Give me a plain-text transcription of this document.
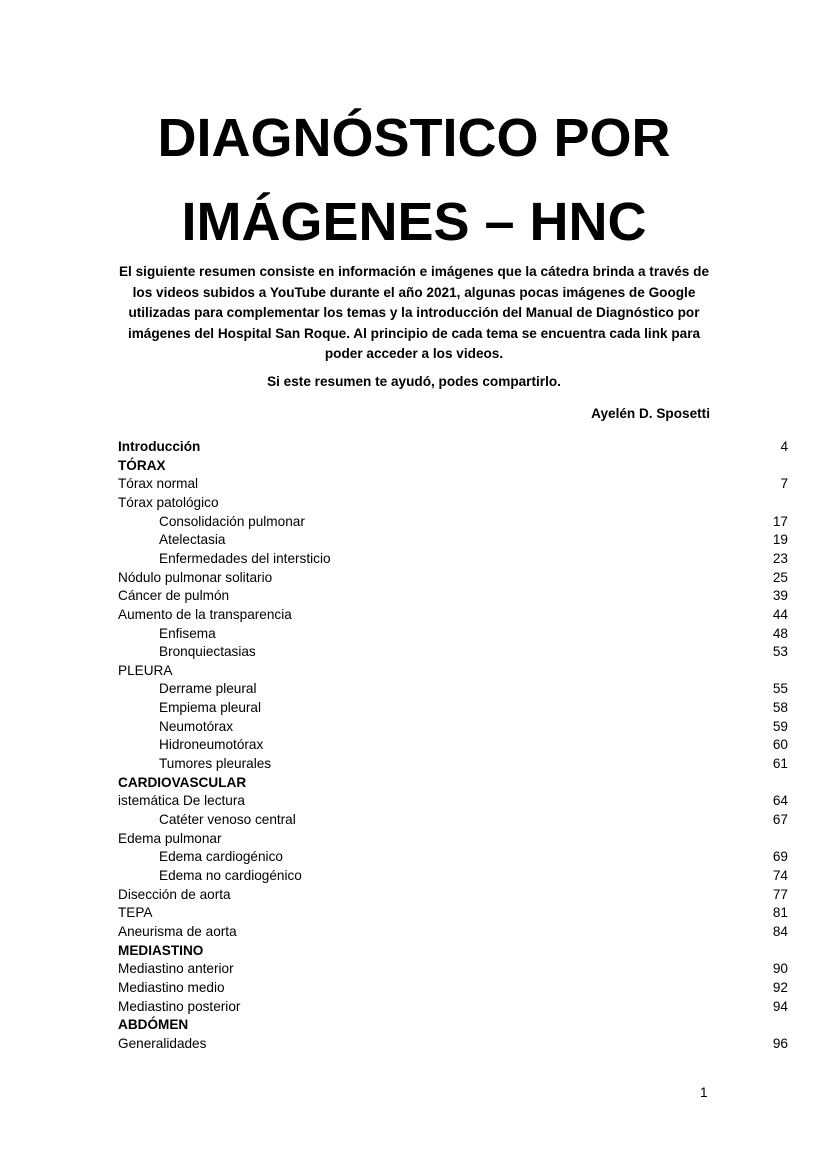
DIAGNÓSTICO POR
IMÁGENES – HNC
El siguiente resumen consiste en información e imágenes que la cátedra brinda a través de los videos subidos a YouTube durante el año 2021, algunas pocas imágenes de Google utilizadas para complementar los temas y la introducción del Manual de Diagnóstico por imágenes del Hospital San Roque. Al principio de cada tema se encuentra cada link para poder acceder a los videos.
Si este resumen te ayudó, podes compartirlo.
Ayelén D. Sposetti
Introducción	4
TÓRAX
Tórax normal	7
Tórax patológico
Consolidación pulmonar	17
Atelectasia	19
Enfermedades del intersticio	23
Nódulo pulmonar solitario	25
Cáncer de pulmón	39
Aumento de la transparencia	44
Enfisema	48
Bronquiectasias	53
PLEURA
Derrame pleural	55
Empiema pleural	58
Neumotórax	59
Hidroneumotórax	60
Tumores pleurales	61
CARDIOVASCULAR
istemática De lectura	64
Catéter venoso central	67
Edema pulmonar
Edema cardiogénico	69
Edema no cardiogénico	74
Disección de aorta	77
TEPA	81
Aneurisma de aorta	84
MEDIASTINO
Mediastino anterior	90
Mediastino medio	92
Mediastino posterior	94
ABDÓMEN
Generalidades	96
1
